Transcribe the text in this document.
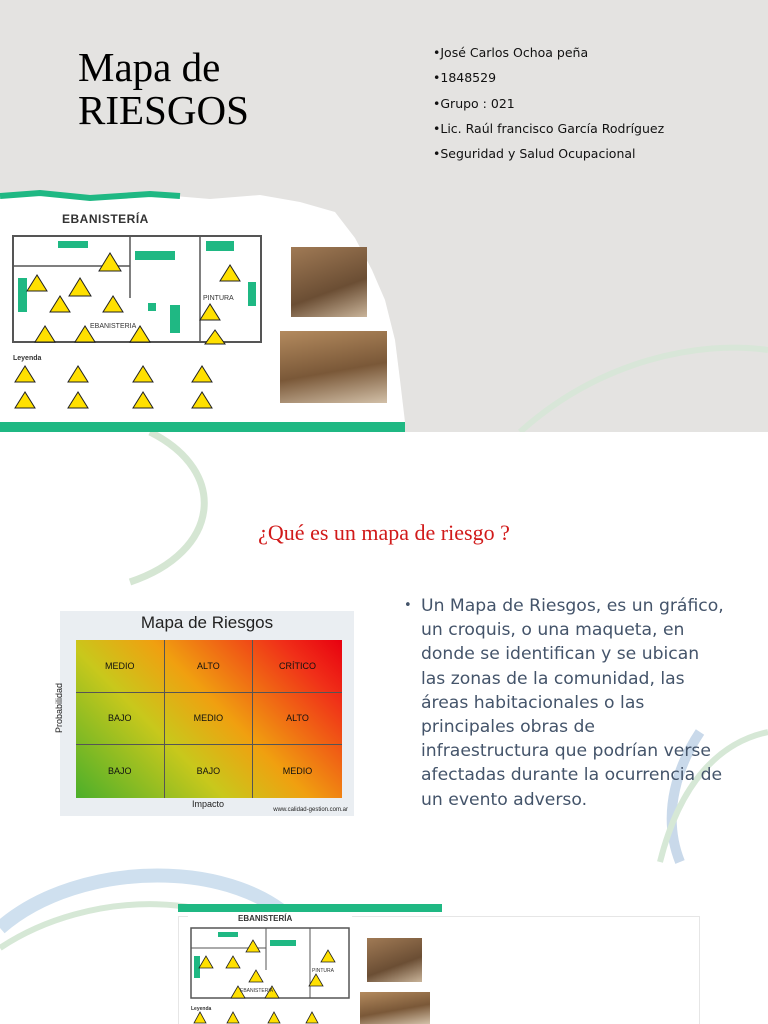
Mapa de
RIESGOS
•José Carlos Ochoa peña
•1848529
•Grupo : 021
•Lic. Raúl francisco García Rodríguez
•Seguridad y Salud Ocupacional
EBANISTERÍA
EBANISTERIA
PINTURA
Leyenda
¿Qué es un mapa de riesgo ?
Mapa de Riesgos
Probabilidad
MEDIO	ALTO	CRÍTICO
BAJO	MEDIO	ALTO
BAJO	BAJO	MEDIO
Impacto
www.calidad-gestion.com.ar

• Un Mapa de Riesgos, es un gráfico, un croquis, o una maqueta, en donde se identifican y se ubican las zonas de la comunidad, las áreas habitacionales o las principales obras de infraestructura que podrían verse afectadas durante la ocurrencia de un evento adverso.

EBANISTERÍA
EBANISTERIA
PINTURA
Leyenda
